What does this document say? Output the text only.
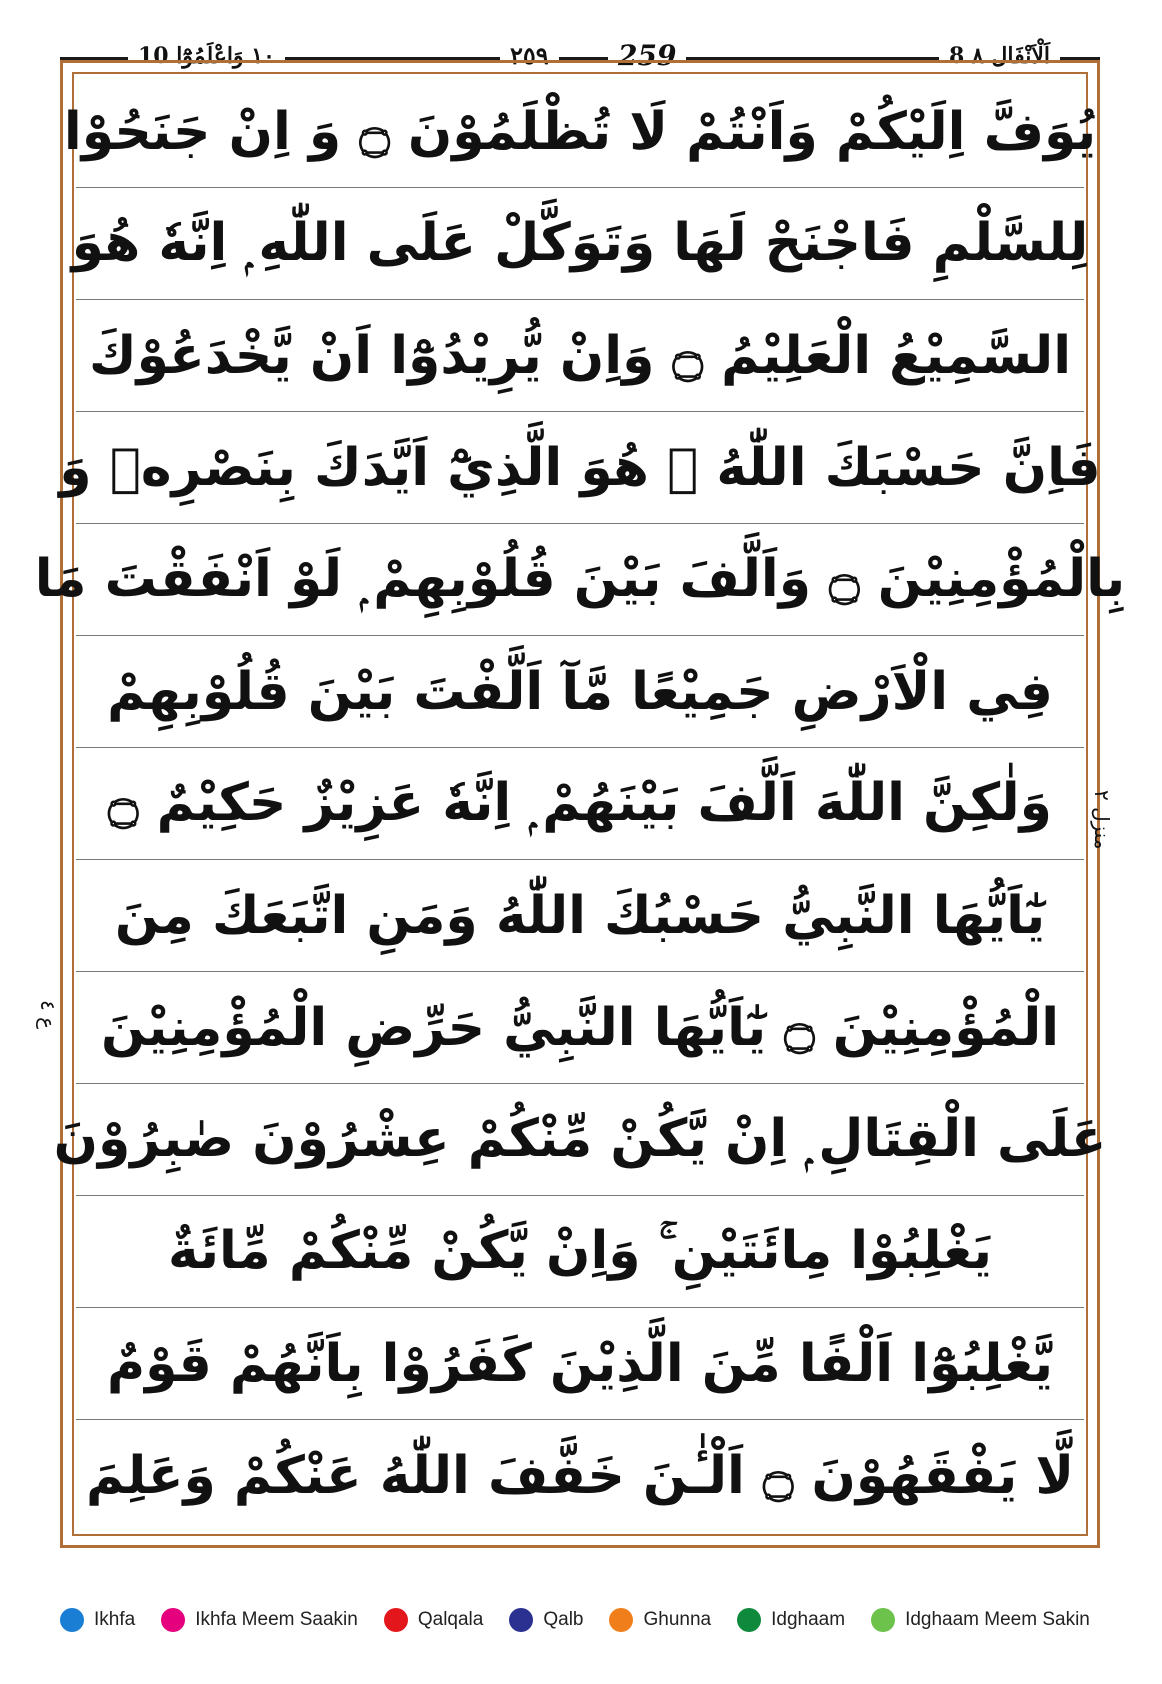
١٠ وَاعْلَمُوْٓا 10	٢٥٩	259	8 اَلْاَنْفَال ٨
يُوَفَّ اِلَيْكُمْ وَاَنْتُمْ لَا تُظْلَمُوْنَ ۝ وَ اِنْ جَنَحُوْا
لِلسَّلْمِ فَاجْنَحْ لَهَا وَتَوَكَّلْ عَلَى اللّٰهِ ۭ اِنَّهٗ هُوَ
السَّمِيْعُ الْعَلِيْمُ ۝ وَاِنْ يُّرِيْدُوْٓا اَنْ يَّخْدَعُوْكَ
فَاِنَّ حَسْبَكَ اللّٰهُ ۭ هُوَ الَّذِيْٓ اَيَّدَكَ بِنَصْرِهٖ وَ
بِالْمُؤْمِنِيْنَ ۝ وَاَلَّفَ بَيْنَ قُلُوْبِهِمْ ۭ لَوْ اَنْفَقْتَ مَا
فِي الْاَرْضِ جَمِيْعًا مَّآ اَلَّفْتَ بَيْنَ قُلُوْبِهِمْ
وَلٰكِنَّ اللّٰهَ اَلَّفَ بَيْنَهُمْ ۭ اِنَّهٗ عَزِيْزٌ حَكِيْمٌ ۝
يٰٓاَيُّهَا النَّبِيُّ حَسْبُكَ اللّٰهُ وَمَنِ اتَّبَعَكَ مِنَ
الْمُؤْمِنِيْنَ ۝ يٰٓاَيُّهَا النَّبِيُّ حَرِّضِ الْمُؤْمِنِيْنَ
عَلَى الْقِتَالِ ۭ اِنْ يَّكُنْ مِّنْكُمْ عِشْرُوْنَ صٰبِرُوْنَ
يَغْلِبُوْا مِائَتَيْنِ ۚ وَاِنْ يَّكُنْ مِّنْكُمْ مِّائَةٌ
يَّغْلِبُوْٓا اَلْفًا مِّنَ الَّذِيْنَ كَفَرُوْا بِاَنَّهُمْ قَوْمٌ
لَّا يَفْقَهُوْنَ ۝ اَلْـٰٔنَ خَفَّفَ اللّٰهُ عَنْكُمْ وَعَلِمَ
منزل ٢
ع ٤
Ikhfa	Ikhfa Meem Saakin	Qalqala	Qalb	Ghunna	Idghaam	Idghaam Meem Sakin
